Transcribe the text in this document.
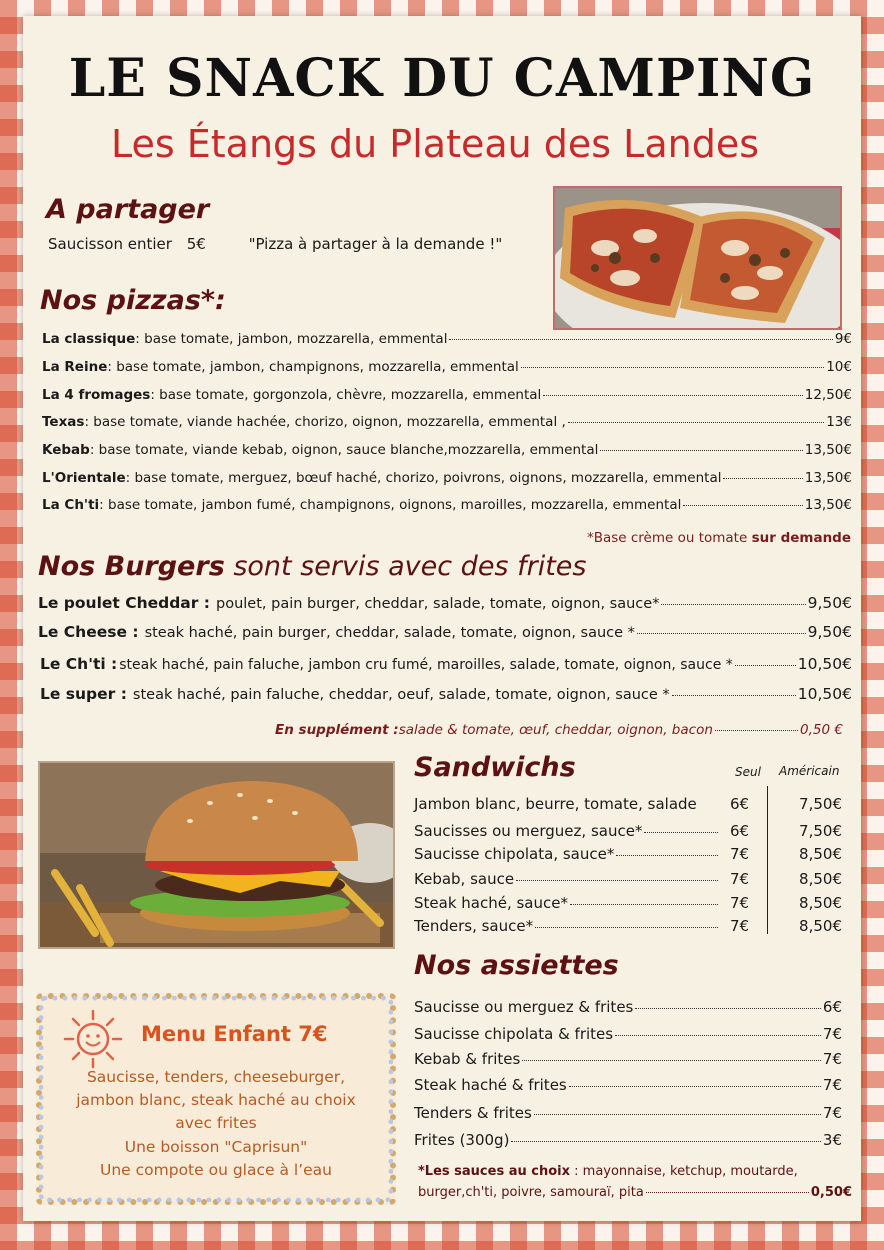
LE SNACK DU CAMPING
Les Étangs du Plateau des Landes
A partager
Saucisson entier 5€	"Pizza à partager à la demande !"
Nos pizzas*:
La classique : base tomate, jambon, mozzarella, emmental	9€
La Reine : base tomate, jambon, champignons, mozzarella, emmental	10€
La 4 fromages : base tomate, gorgonzola, chèvre, mozzarella, emmental	12,50€
Texas : base tomate, viande hachée, chorizo, oignon, mozzarella, emmental ,	13€
Kebab : base tomate, viande kebab, oignon, sauce blanche,mozzarella, emmental	13,50€
L'Orientale : base tomate, merguez, bœuf haché, chorizo, poivrons, oignons, mozzarella, emmental	13,50€
La Ch'ti : base tomate, jambon fumé, champignons, oignons, maroilles, mozzarella, emmental	13,50€
*Base crème ou tomate sur demande
Nos Burgers sont servis avec des frites
Le poulet Cheddar : poulet, pain burger, cheddar, salade, tomate, oignon, sauce*	9,50€
Le Cheese : steak haché, pain burger, cheddar, salade, tomate, oignon, sauce *	9,50€
Le Ch'ti : steak haché, pain faluche, jambon cru fumé, maroilles, salade, tomate, oignon, sauce *	10,50€
Le super : steak haché, pain faluche, cheddar, oeuf, salade, tomate, oignon, sauce *	10,50€
En supplément : salade & tomate, œuf, cheddar, oignon, bacon	0,50 €
Sandwichs	Seul Américain
Jambon blanc, beurre, tomate, salade 6€	7,50€
Saucisses ou merguez, sauce*	6€	7,50€
Saucisse chipolata, sauce*	7€	8,50€
Kebab, sauce	7€	8,50€
Steak haché, sauce*	7€	8,50€
Tenders, sauce*	7€	8,50€
Nos assiettes
Saucisse ou merguez & frites	6€
Saucisse chipolata & frites	7€
Kebab & frites	7€
Steak haché & frites	7€
Tenders & frites	7€
Frites (300g)	3€
*Les sauces au choix : mayonnaise, ketchup, moutarde,
burger,ch'ti, poivre, samouraï, pita	0,50€
Menu Enfant 7€
Saucisse, tenders, cheeseburger,
jambon blanc, steak haché au choix
avec frites
Une boisson "Caprisun"
Une compote ou glace à l’eau
